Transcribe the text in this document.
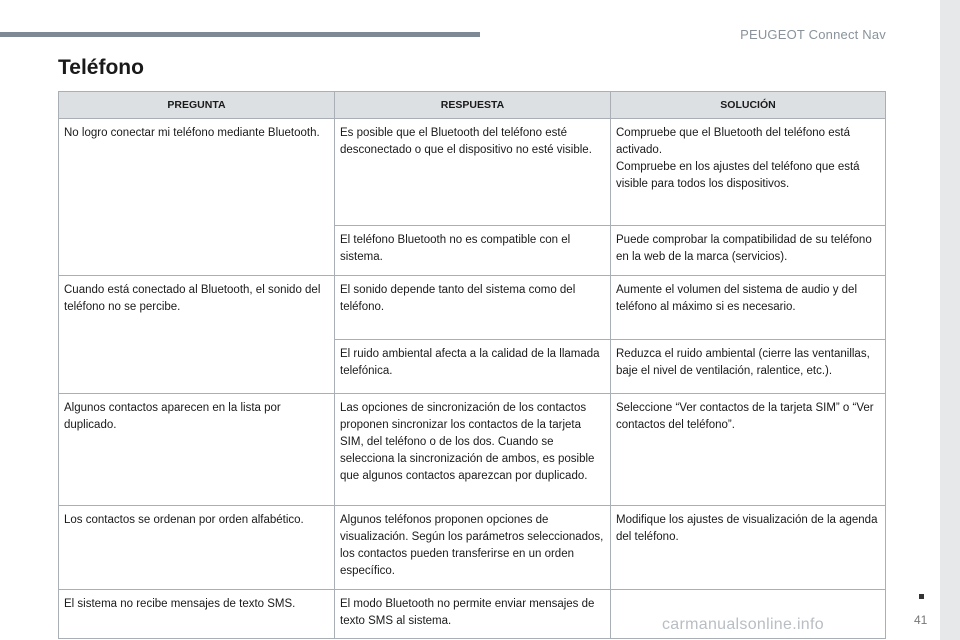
PEUGEOT Connect Nav
Teléfono
PREGUNTA	RESPUESTA	SOLUCIÓN
No logro conectar mi teléfono mediante Bluetooth.	Es posible que el Bluetooth del teléfono esté desconectado o que el dispositivo no esté visible.	Compruebe que el Bluetooth del teléfono está activado.
Compruebe en los ajustes del teléfono que está visible para todos los dispositivos.

	El teléfono Bluetooth no es compatible con el sistema.	Puede comprobar la compatibilidad de su teléfono en la web de la marca (servicios).
Cuando está conectado al Bluetooth, el sonido del teléfono no se percibe.	El sonido depende tanto del sistema como del teléfono.	Aumente el volumen del sistema de audio y del teléfono al máximo si es necesario.
	El ruido ambiental afecta a la calidad de la llamada telefónica.	Reduzca el ruido ambiental (cierre las ventanillas, baje el nivel de ventilación, ralentice, etc.).
Algunos contactos aparecen en la lista por duplicado.	Las opciones de sincronización de los contactos proponen sincronizar los contactos de la tarjeta SIM, del teléfono o de los dos. Cuando se selecciona la sincronización de ambos, es posible que algunos contactos aparezcan por duplicado.	Seleccione “Ver contactos de la tarjeta SIM” o “Ver contactos del teléfono”.
Los contactos se ordenan por orden alfabético.	Algunos teléfonos proponen opciones de visualización. Según los parámetros seleccionados, los contactos pueden transferirse en un orden específico.	Modifique los ajustes de visualización de la agenda del teléfono.
El sistema no recibe mensajes de texto SMS.	El modo Bluetooth no permite enviar mensajes de texto SMS al sistema.		41
carmanualsonline.info
